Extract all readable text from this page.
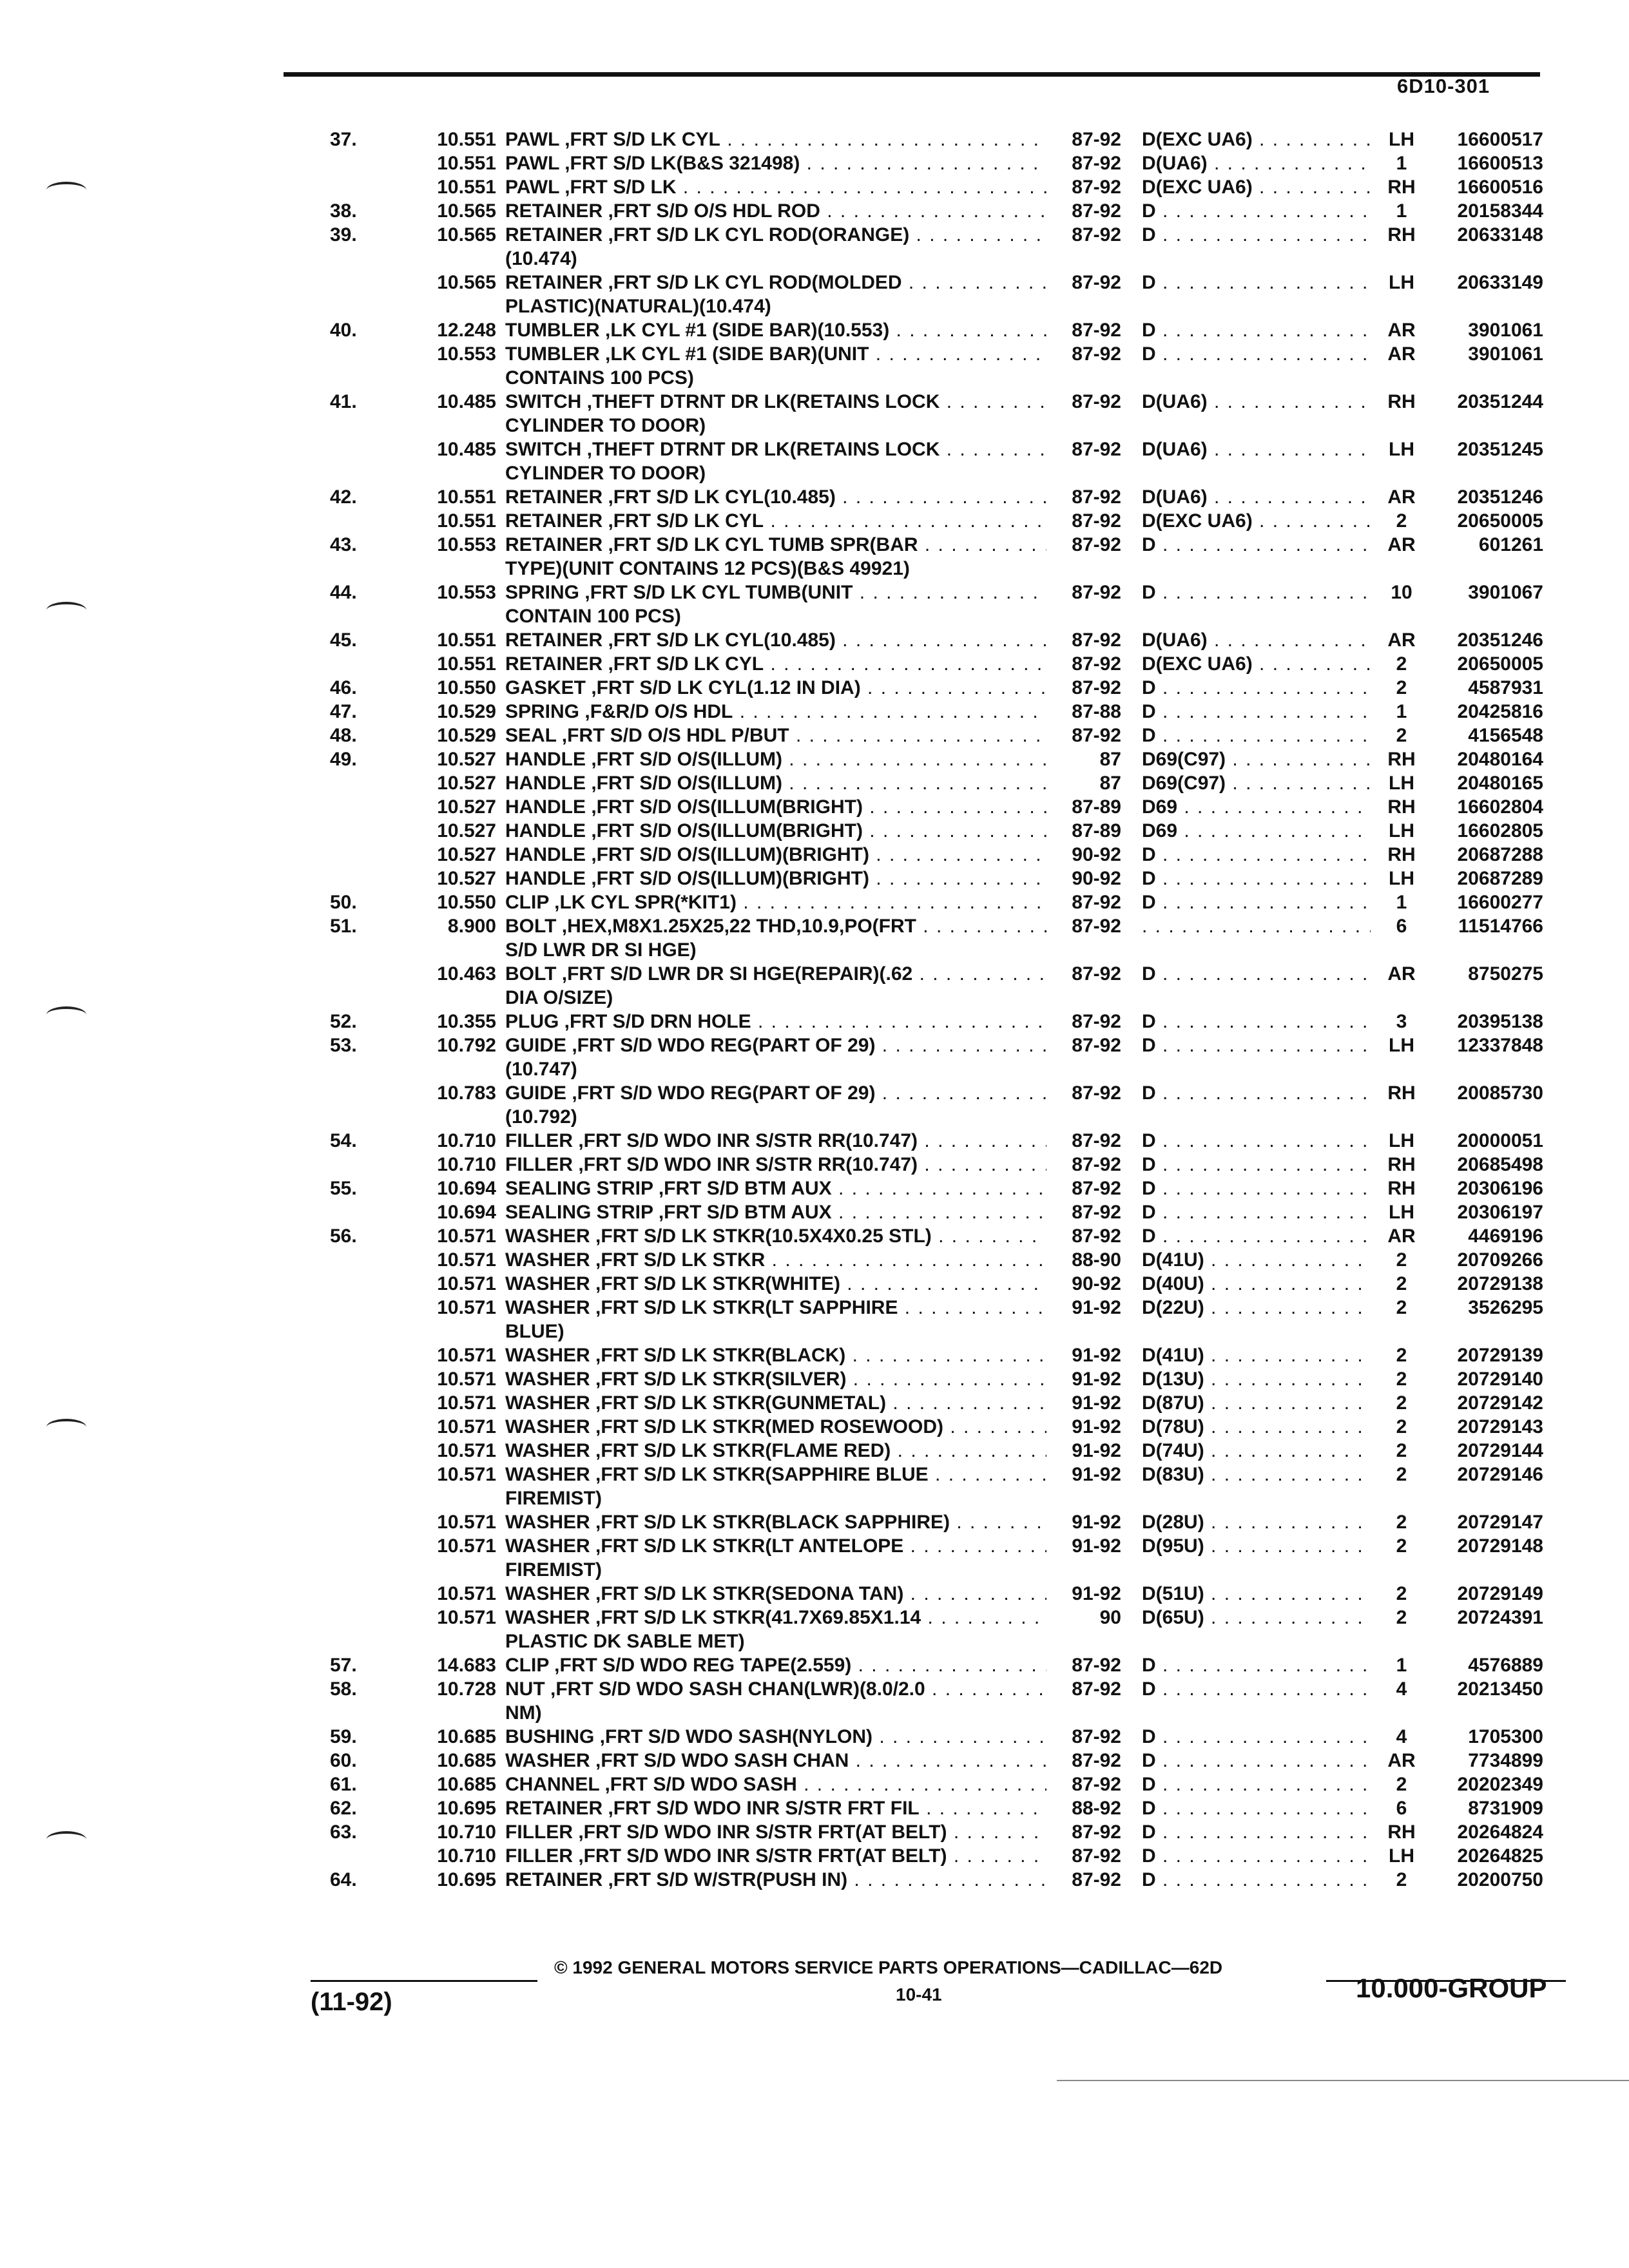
6D10-301
37.	10.551 PAWL ,FRT S/D LK CYL . . .	87-92 D(EXC UA6) . . .	LH	16600517
10.551 PAWL ,FRT S/D LK(B&S 321498) . . .	87-92 D(UA6) . . .	1	16600513
10.551 PAWL ,FRT S/D LK . . .	87-92 D(EXC UA6) . . .	RH	16600516
38.	10.565 RETAINER ,FRT S/D O/S HDL ROD . . .	87-92 D . . .	1	20158344
39.	10.565 RETAINER ,FRT S/D LK CYL ROD(ORANGE) . . .	87-92 D . . .	RH	20633148
(10.474)
10.565 RETAINER ,FRT S/D LK CYL ROD(MOLDED . . .	87-92 D . . .	LH	20633149
PLASTIC)(NATURAL)(10.474)
40.	12.248 TUMBLER ,LK CYL #1 (SIDE BAR)(10.553) . . .	87-92 D . . .	AR	3901061
10.553 TUMBLER ,LK CYL #1 (SIDE BAR)(UNIT . . .	87-92 D . . .	AR	3901061
CONTAINS 100 PCS)
41.	10.485 SWITCH ,THEFT DTRNT DR LK(RETAINS LOCK . . .	87-92 D(UA6) . . .	RH	20351244
CYLINDER TO DOOR)
10.485 SWITCH ,THEFT DTRNT DR LK(RETAINS LOCK . . .	87-92 D(UA6) . . .	LH	20351245
CYLINDER TO DOOR)
42.	10.551 RETAINER ,FRT S/D LK CYL(10.485) . . .	87-92 D(UA6) . . .	AR	20351246
10.551 RETAINER ,FRT S/D LK CYL . . .	87-92 D(EXC UA6) . . .	2	20650005
43.	10.553 RETAINER ,FRT S/D LK CYL TUMB SPR(BAR . . .	87-92 D . . .	AR	601261
TYPE)(UNIT CONTAINS 12 PCS)(B&S 49921)
44.	10.553 SPRING ,FRT S/D LK CYL TUMB(UNIT . . .	87-92 D . . .	10	3901067
CONTAIN 100 PCS)
45.	10.551 RETAINER ,FRT S/D LK CYL(10.485) . . .	87-92 D(UA6) . . .	AR	20351246
10.551 RETAINER ,FRT S/D LK CYL . . .	87-92 D(EXC UA6) . . .	2	20650005
46.	10.550 GASKET ,FRT S/D LK CYL(1.12 IN DIA) . . .	87-92 D . . .	2	4587931
47.	10.529 SPRING ,F&R/D O/S HDL . . .	87-88 D . . .	1	20425816
48.	10.529 SEAL ,FRT S/D O/S HDL P/BUT . . .	87-92 D . . .	2	4156548
49.	10.527 HANDLE ,FRT S/D O/S(ILLUM) . . .	87 D69(C97) . . .	RH	20480164
10.527 HANDLE ,FRT S/D O/S(ILLUM) . . .	87 D69(C97) . . .	LH	20480165
10.527 HANDLE ,FRT S/D O/S(ILLUM(BRIGHT) . . .	87-89 D69 . . .	RH	16602804
10.527 HANDLE ,FRT S/D O/S(ILLUM(BRIGHT) . . .	87-89 D69 . . .	LH	16602805
10.527 HANDLE ,FRT S/D O/S(ILLUM)(BRIGHT) . . .	90-92 D . . .	RH	20687288
10.527 HANDLE ,FRT S/D O/S(ILLUM)(BRIGHT) . . .	90-92 D . . .	LH	20687289
50.	10.550 CLIP ,LK CYL SPR(*KIT1) . . .	87-92 D . . .	1	16600277
51.	8.900 BOLT ,HEX,M8X1.25X25,22 THD,10.9,PO(FRT . . .	87-92
. . .	6	11514766
S/D LWR DR SI HGE)
10.463 BOLT ,FRT S/D LWR DR SI HGE(REPAIR)(.62 . . .	87-92 D . . .	AR	8750275
DIA O/SIZE)
52.	10.355 PLUG ,FRT S/D DRN HOLE . . .	87-92 D . . .	3	20395138
53.	10.792 GUIDE ,FRT S/D WDO REG(PART OF 29) . . .	87-92 D . . .	LH	12337848
(10.747)
10.783 GUIDE ,FRT S/D WDO REG(PART OF 29) . . .	87-92 D . . .	RH	20085730
(10.792)
54.	10.710 FILLER ,FRT S/D WDO INR S/STR RR(10.747) . . .	87-92 D . . .	LH	20000051
10.710 FILLER ,FRT S/D WDO INR S/STR RR(10.747) . . .	87-92 D . . .	RH	20685498
55.	10.694 SEALING STRIP ,FRT S/D BTM AUX . . .	87-92 D . . .	RH	20306196
10.694 SEALING STRIP ,FRT S/D BTM AUX . . .	87-92 D . . .	LH	20306197
56.	10.571 WASHER ,FRT S/D LK STKR(10.5X4X0.25 STL) . . .	87-92 D . . .	AR	4469196
10.571 WASHER ,FRT S/D LK STKR . . .	88-90 D(41U) . . .	2	20709266
10.571 WASHER ,FRT S/D LK STKR(WHITE) . . .	90-92 D(40U) . . .	2	20729138
10.571 WASHER ,FRT S/D LK STKR(LT SAPPHIRE . . .	91-92 D(22U) . . .	2	3526295
BLUE)
10.571 WASHER ,FRT S/D LK STKR(BLACK) . . .	91-92 D(41U) . . .	2	20729139
10.571 WASHER ,FRT S/D LK STKR(SILVER) . . .	91-92 D(13U) . . .	2	20729140
10.571 WASHER ,FRT S/D LK STKR(GUNMETAL) . . .	91-92 D(87U) . . .	2	20729142
10.571 WASHER ,FRT S/D LK STKR(MED ROSEWOOD) . . .	91-92 D(78U) . . .	2	20729143
10.571 WASHER ,FRT S/D LK STKR(FLAME RED) . . .	91-92 D(74U) . . .	2	20729144
10.571 WASHER ,FRT S/D LK STKR(SAPPHIRE BLUE . . .	91-92 D(83U) . . .	2	20729146
FIREMIST)
10.571 WASHER ,FRT S/D LK STKR(BLACK SAPPHIRE) . . .	91-92 D(28U) . . .	2	20729147
10.571 WASHER ,FRT S/D LK STKR(LT ANTELOPE . . .	91-92 D(95U) . . .	2	20729148
FIREMIST)
10.571 WASHER ,FRT S/D LK STKR(SEDONA TAN) . . .	91-92 D(51U) . . .	2	20729149
10.571 WASHER ,FRT S/D LK STKR(41.7X69.85X1.14 . . .	90 D(65U) . . .	2	20724391
PLASTIC DK SABLE MET)
57.	14.683 CLIP ,FRT S/D WDO REG TAPE(2.559) . . .	87-92 D . . .	1	4576889
58.	10.728 NUT ,FRT S/D WDO SASH CHAN(LWR)(8.0/2.0 . . .	87-92 D . . .	4	20213450
NM)
59.	10.685 BUSHING ,FRT S/D WDO SASH(NYLON) . . .	87-92 D . . .	4	1705300
60.	10.685 WASHER ,FRT S/D WDO SASH CHAN . . .	87-92 D . . .	AR	7734899
61.	10.685 CHANNEL ,FRT S/D WDO SASH . . .	87-92 D . . .	2	20202349
62.	10.695 RETAINER ,FRT S/D WDO INR S/STR FRT FIL . . .	88-92 D . . .	6	8731909
63.	10.710 FILLER ,FRT S/D WDO INR S/STR FRT(AT BELT) . . .	87-92 D . . .	RH	20264824
10.710 FILLER ,FRT S/D WDO INR S/STR FRT(AT BELT) . . .	87-92 D . . .	LH	20264825
64.	10.695 RETAINER ,FRT S/D W/STR(PUSH IN) . . .	87-92 D . . .	2	20200750
© 1992 GENERAL MOTORS SERVICE PARTS OPERATIONS—CADILLAC—62D
(11-92)	10-41	10.000-GROUP
